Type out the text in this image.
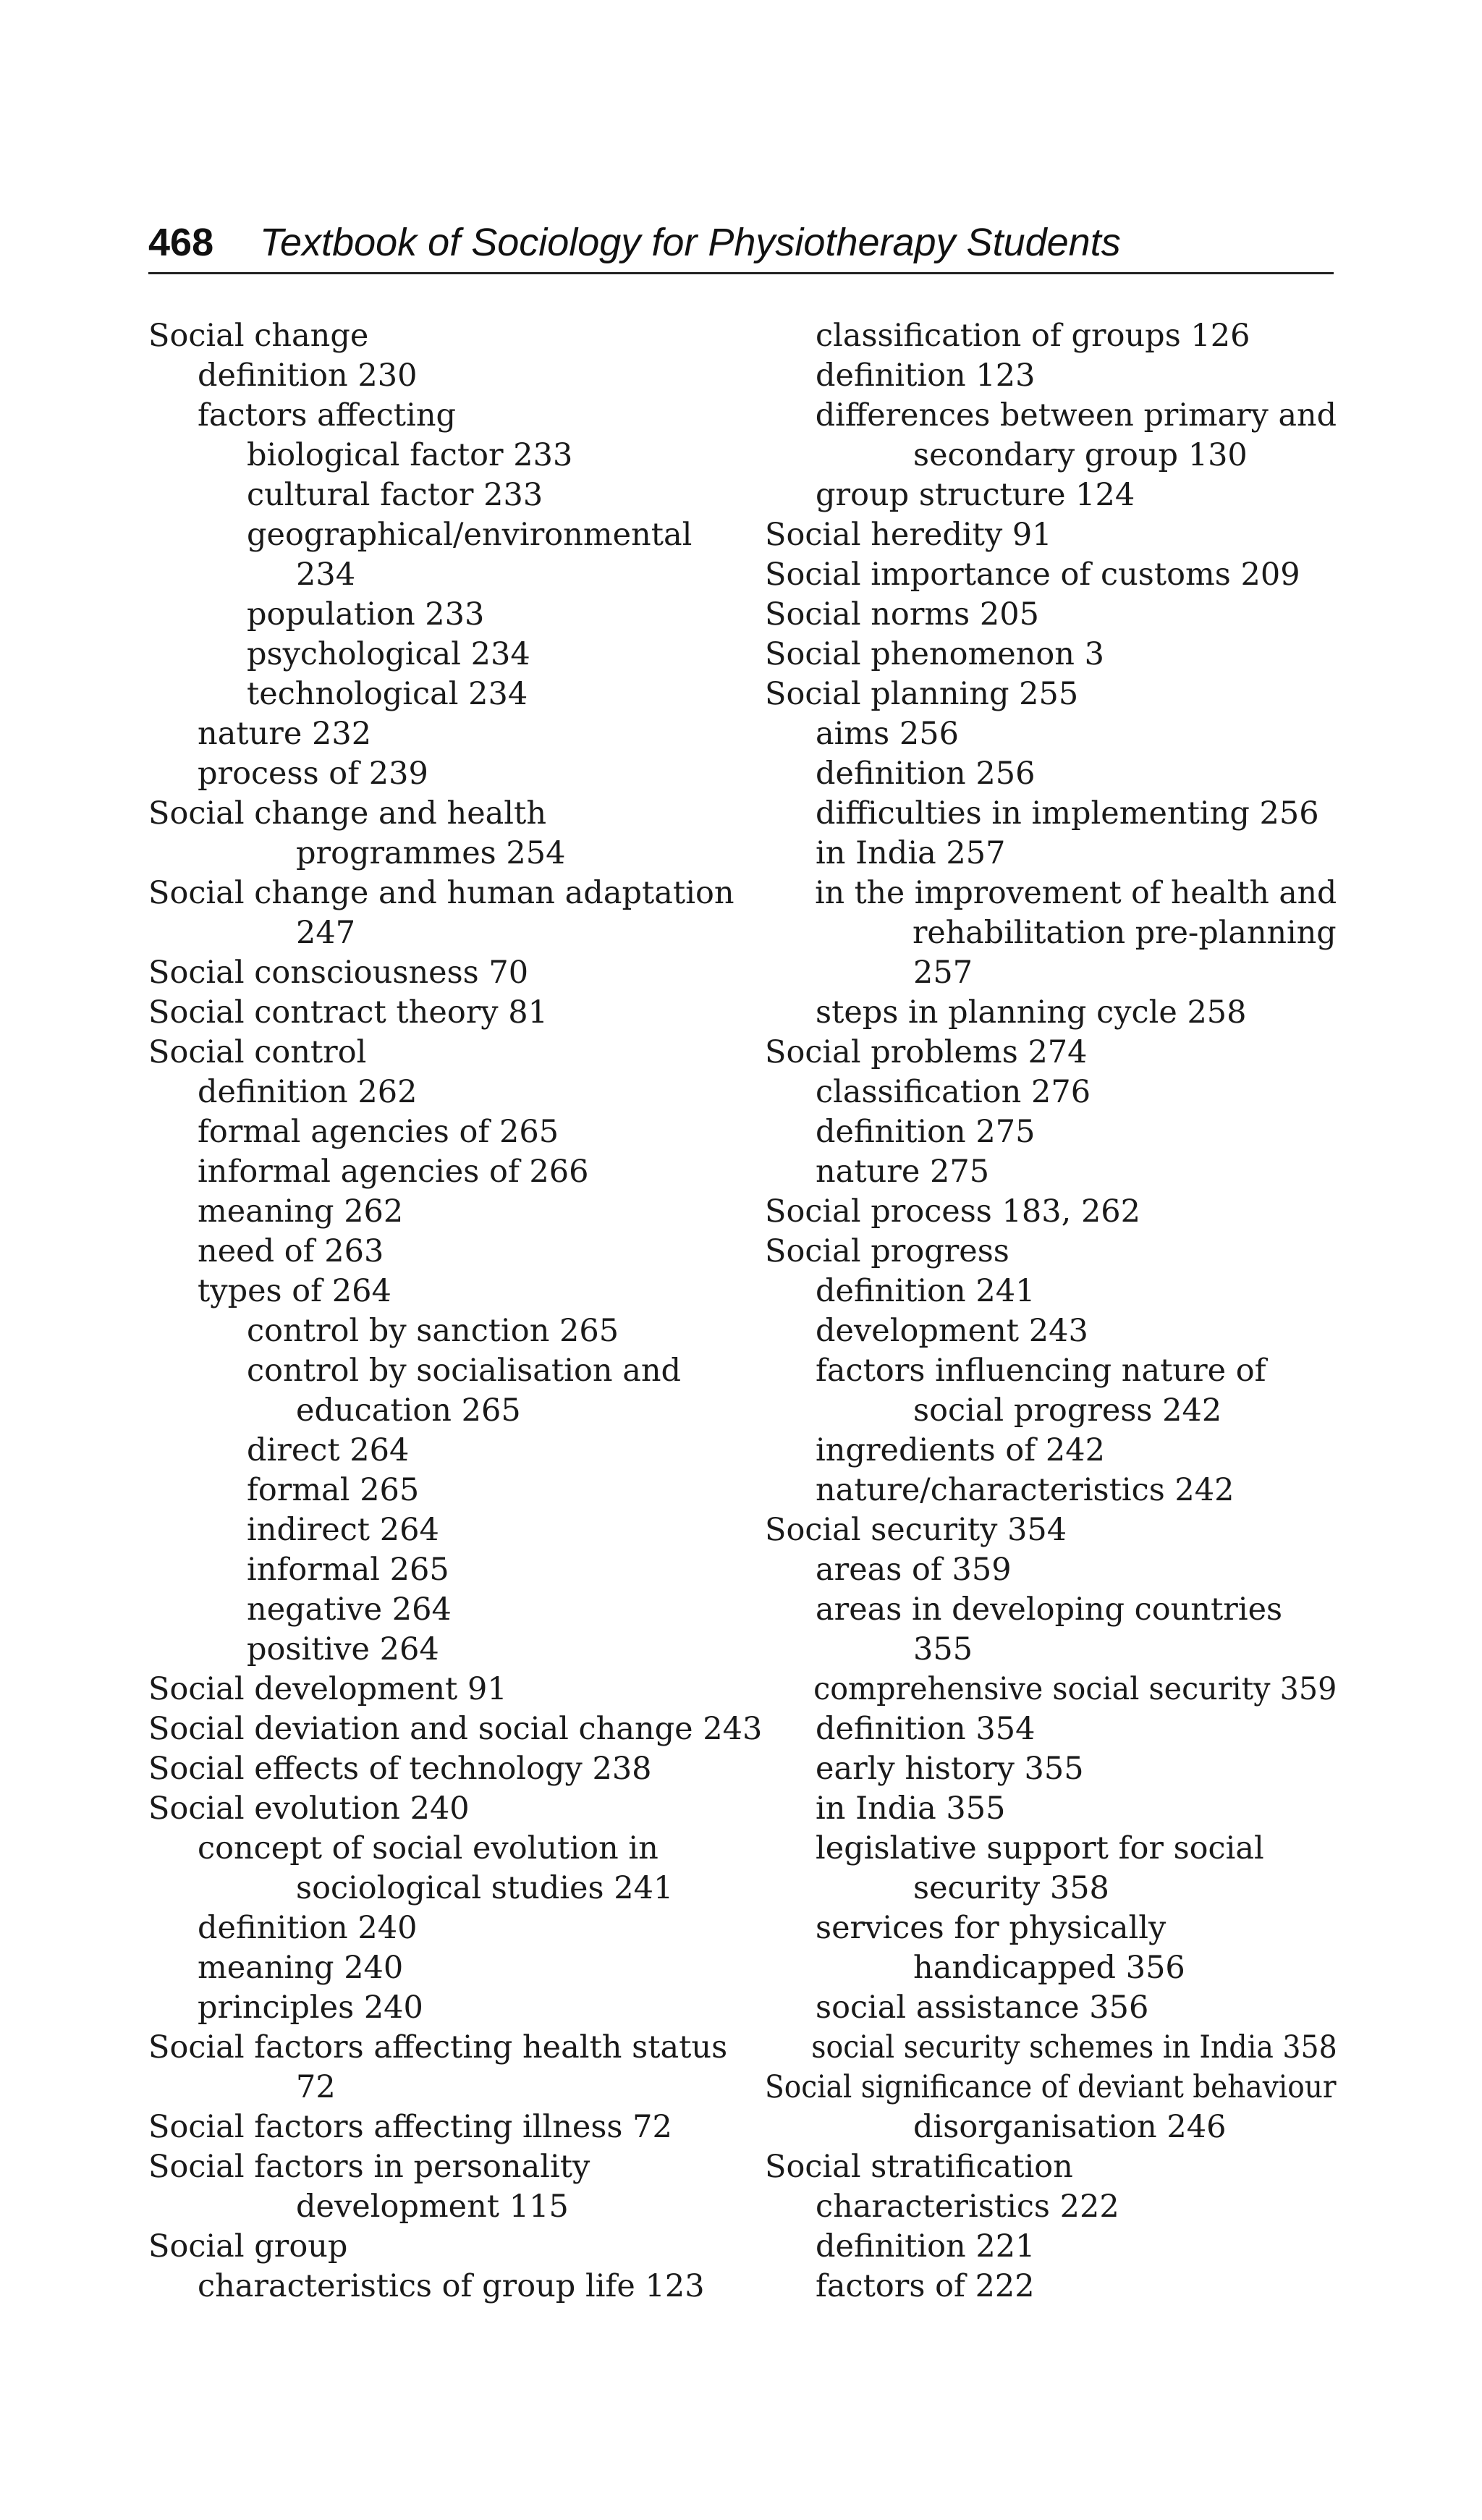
468 Textbook of Sociology for Physiotherapy Students
Social change
definition 230
factors affecting
biological factor 233
cultural factor 233
geographical/environmental
234
population 233
psychological 234
technological 234
nature 232
process of 239
Social change and health
programmes 254
Social change and human adaptation
247
Social consciousness 70
Social contract theory 81
Social control
definition 262
formal agencies of 265
informal agencies of 266
meaning 262
need of 263
types of 264
control by sanction 265
control by socialisation and
education 265
direct 264
formal 265
indirect 264
informal 265
negative 264
positive 264
Social development 91
Social deviation and social change 243
Social effects of technology 238
Social evolution 240
concept of social evolution in
sociological studies 241
definition 240
meaning 240
principles 240
Social factors affecting health status
72
Social factors affecting illness 72
Social factors in personality
development 115
Social group
characteristics of group life 123
classification of groups 126
definition 123
differences between primary and
secondary group 130
group structure 124
Social heredity 91
Social importance of customs 209
Social norms 205
Social phenomenon 3
Social planning 255
aims 256
definition 256
difficulties in implementing 256
in India 257
in the improvement of health and
rehabilitation pre-planning
257
steps in planning cycle 258
Social problems 274
classification 276
definition 275
nature 275
Social process 183, 262
Social progress
definition 241
development 243
factors influencing nature of
social progress 242
ingredients of 242
nature/characteristics 242
Social security 354
areas of 359
areas in developing countries
355
comprehensive social security 359
definition 354
early history 355
in India 355
legislative support for social
security 358
services for physically
handicapped 356
social assistance 356
social security schemes in India 358
Social significance of deviant behaviour
disorganisation 246
Social stratification
characteristics 222
definition 221
factors of 222
